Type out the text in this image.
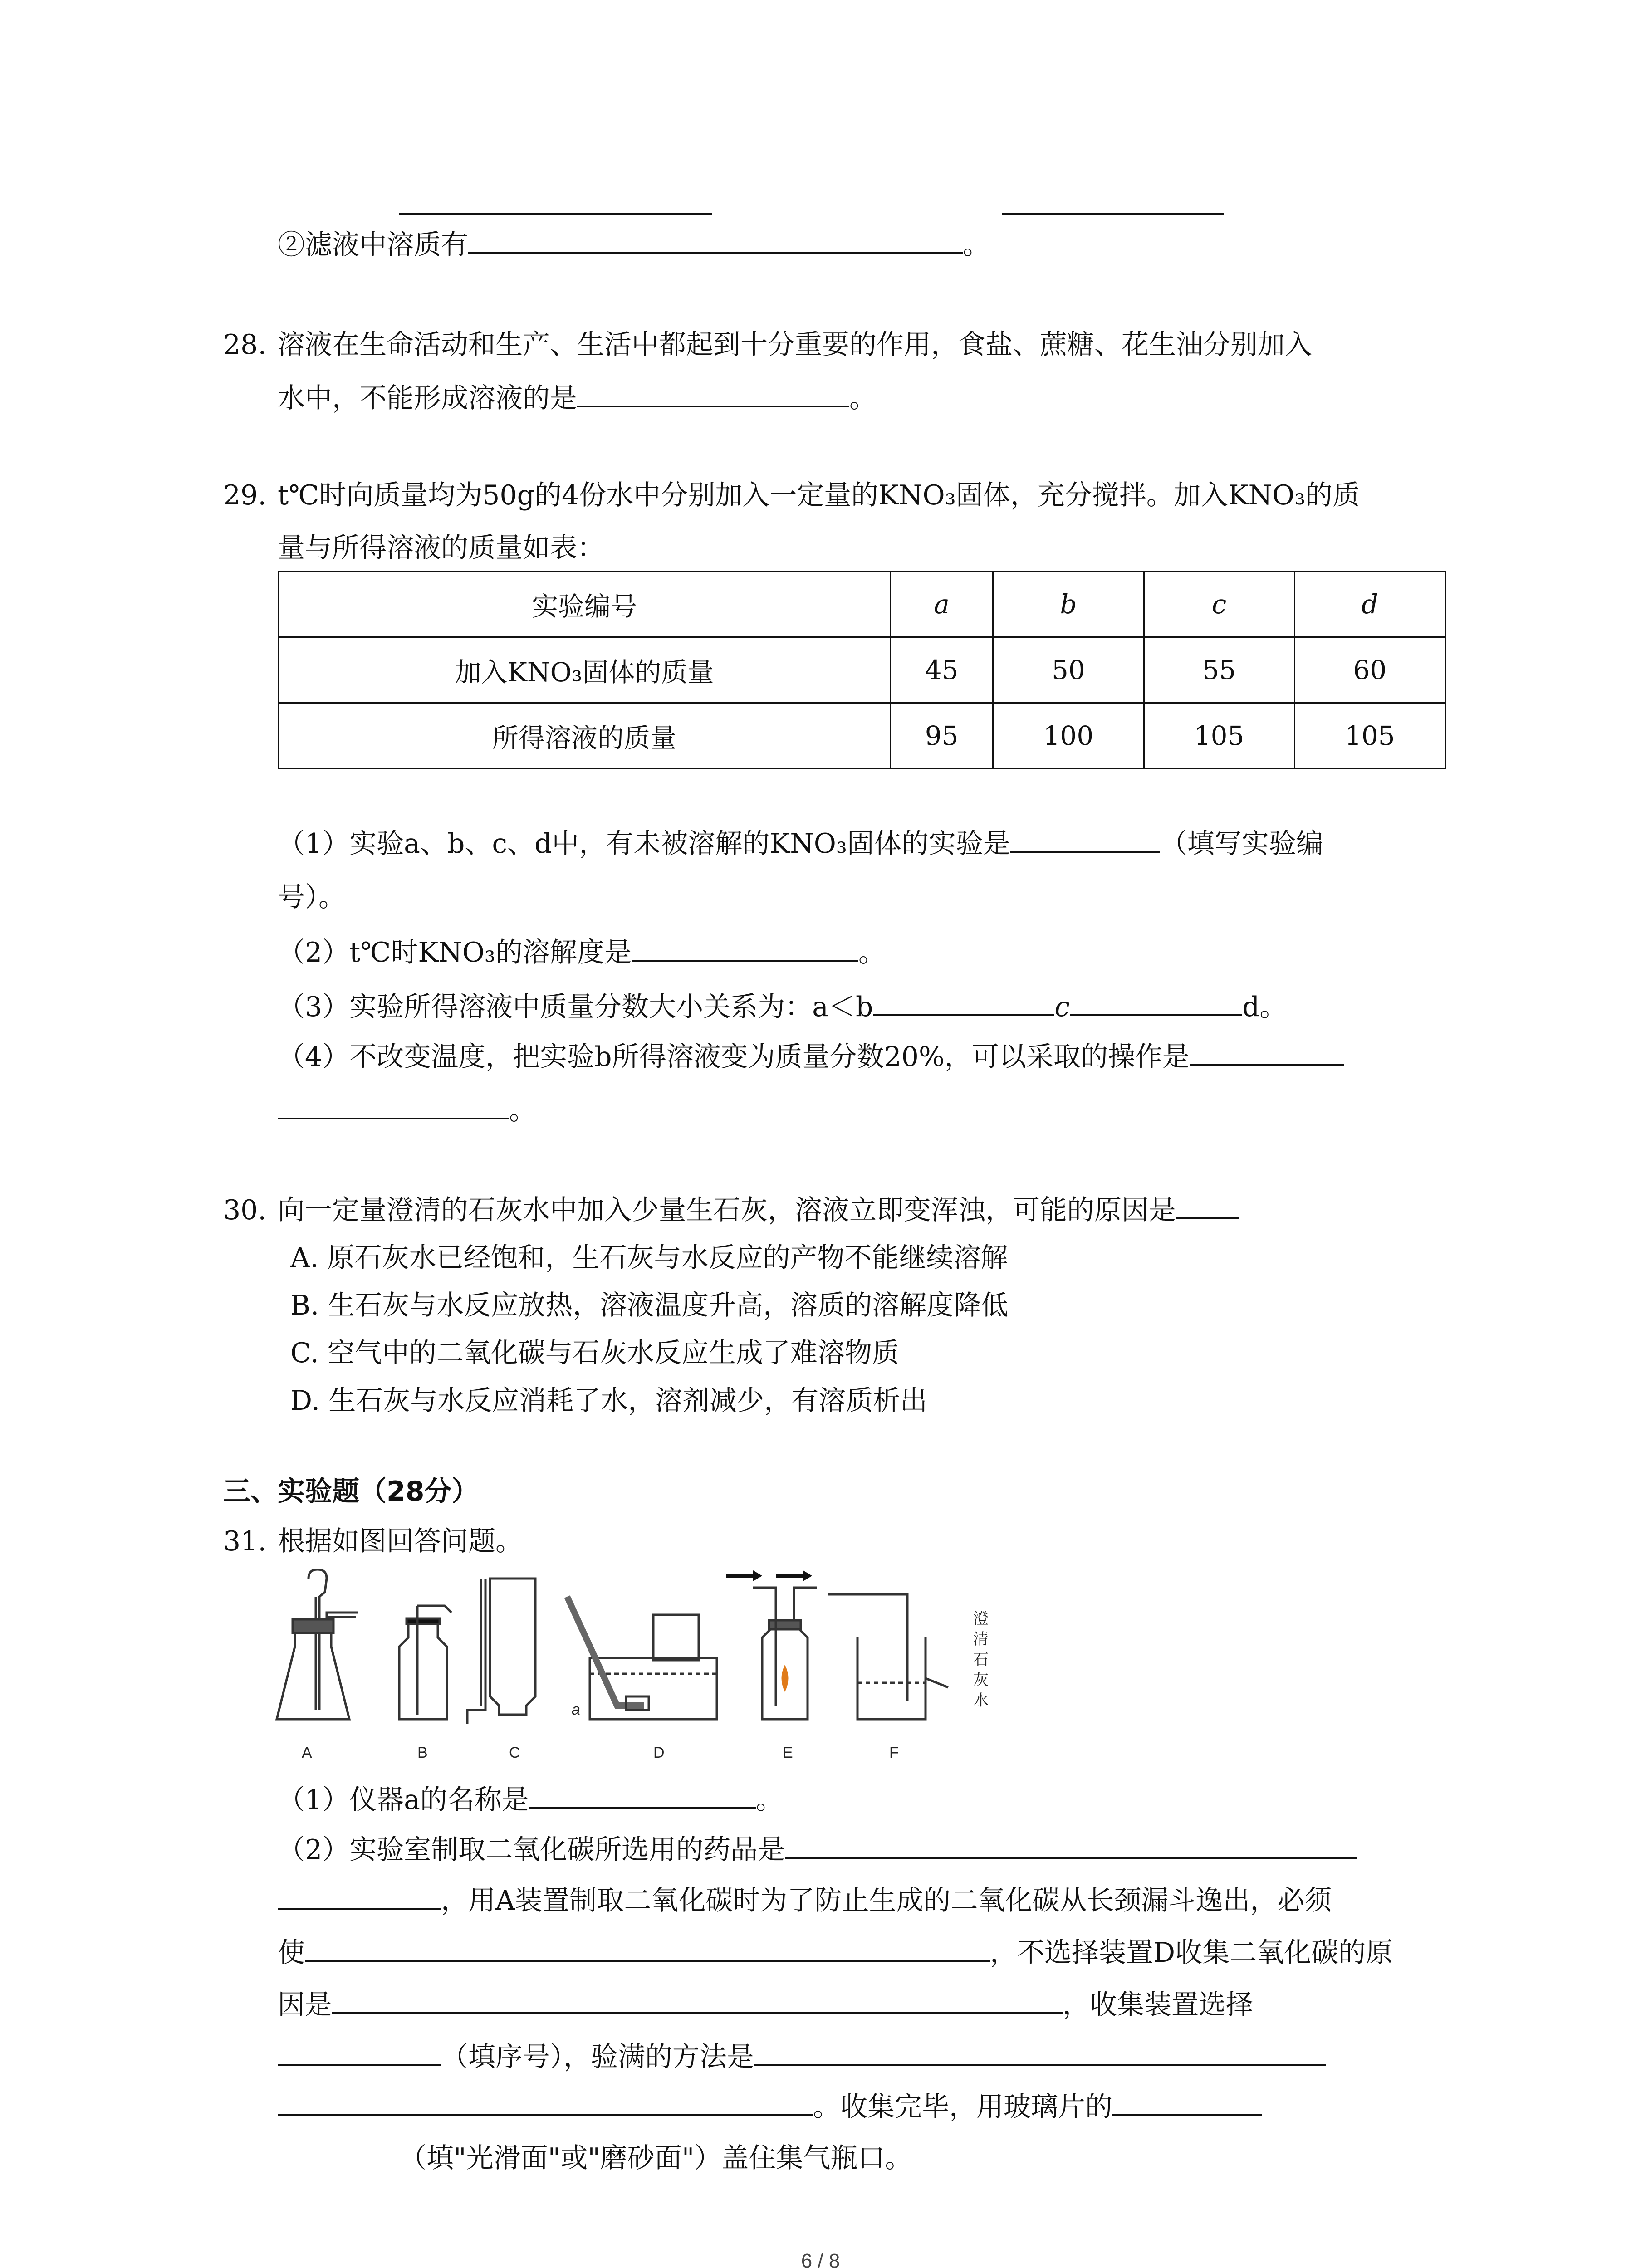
②滤液中溶质有	。
28. 溶液在生命活动和生产、生活中都起到十分重要的作用，食盐、蔗糖、花生油分别加入
水中，不能形成溶液的是	。
29. t℃时向质量均为50g的4份水中分别加入一定量的KNO₃固体，充分搅拌。加入KNO₃的质
量与所得溶液的质量如表：
实验编号	a	b	c	d
加入KNO₃固体的质量	45	50	55	60
所得溶液的质量	95	100	105	105
（1）实验a、b、c、d中，有未被溶解的KNO₃固体的实验是	（填写实验编
号）。
（2）t℃时KNO₃的溶解度是	。
（3）实验所得溶液中质量分数大小关系为：a＜b	c	d。
（4）不改变温度，把实验b所得溶液变为质量分数20%，可以采取的操作是
。
30. 向一定量澄清的石灰水中加入少量生石灰，溶液立即变浑浊，可能的原因是
A. 原石灰水已经饱和，生石灰与水反应的产物不能继续溶解
B. 生石灰与水反应放热，溶液温度升高，溶质的溶解度降低
C. 空气中的二氧化碳与石灰水反应生成了难溶物质
D. 生石灰与水反应消耗了水，溶剂减少，有溶质析出
三、实验题（28分）
31. 根据如图回答问题。
A	B	C	D	E	F
a
澄
清
石
灰
水
（1）仪器a的名称是	。
（2）实验室制取二氧化碳所选用的药品是
，用A装置制取二氧化碳时为了防止生成的二氧化碳从长颈漏斗逸出，必须
使	，不选择装置D收集二氧化碳的原
因是	，收集装置选择
（填序号），验满的方法是
。收集完毕，用玻璃片的
（填"光滑面"或"磨砂面"）盖住集气瓶口。
6 / 8
